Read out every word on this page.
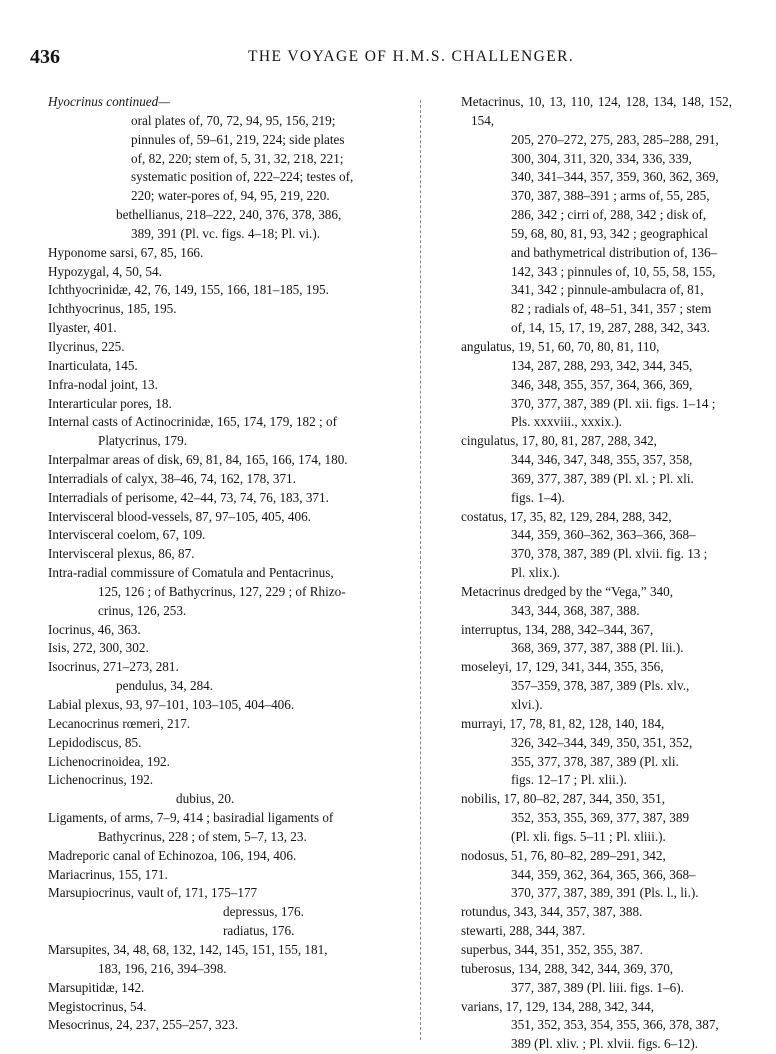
436	THE VOYAGE OF H.M.S. CHALLENGER.
Hyocrinus continued—
oral plates of, 70, 72, 94, 95, 156, 219;
pinnules of, 59–61, 219, 224; side plates
of, 82, 220; stem of, 5, 31, 32, 218, 221;
systematic position of, 222–224; testes of,
220; water-pores of, 94, 95, 219, 220.
bethellianus, 218–222, 240, 376, 378, 386,
389, 391 (Pl. vc. figs. 4–18; Pl. vi.).
Hyponome sarsi, 67, 85, 166.
Hypozygal, 4, 50, 54.
Ichthyocrinidæ, 42, 76, 149, 155, 166, 181–185, 195.
Ichthyocrinus, 185, 195.
Ilyaster, 401.
Ilycrinus, 225.
Inarticulata, 145.
Infra-nodal joint, 13.
Interarticular pores, 18.
Internal casts of Actinocrinidæ, 165, 174, 179, 182 ; of
Platycrinus, 179.
Interpalmar areas of disk, 69, 81, 84, 165, 166, 174, 180.
Interradials of calyx, 38–46, 74, 162, 178, 371.
Interradials of perisome, 42–44, 73, 74, 76, 183, 371.
Intervisceral blood-vessels, 87, 97–105, 405, 406.
Intervisceral coelom, 67, 109.
Intervisceral plexus, 86, 87.
Intra-radial commissure of Comatula and Pentacrinus,
125, 126 ; of Bathycrinus, 127, 229 ; of Rhizo-
crinus, 126, 253.
Iocrinus, 46, 363.
Isis, 272, 300, 302.
Isocrinus, 271–273, 281.
pendulus, 34, 284.
Labial plexus, 93, 97–101, 103–105, 404–406.
Lecanocrinus rœmeri, 217.
Lepidodiscus, 85.
Lichenocrinoidea, 192.
Lichenocrinus, 192.
dubius, 20.
Ligaments, of arms, 7–9, 414 ; basiradial ligaments of
Bathycrinus, 228 ; of stem, 5–7, 13, 23.
Madreporic canal of Echinozoa, 106, 194, 406.
Mariacrinus, 155, 171.
Marsupiocrinus, vault of, 171, 175–177
depressus, 176.
radiatus, 176.
Marsupites, 34, 48, 68, 132, 142, 145, 151, 155, 181,
183, 196, 216, 394–398.
Marsupitidæ, 142.
Megistocrinus, 54.
Mesocrinus, 24, 237, 255–257, 323.
Metacrinus, 10, 13, 110, 124, 128, 134, 148, 152, 154,
205, 270–272, 275, 283, 285–288, 291,
300, 304, 311, 320, 334, 336, 339,
340, 341–344, 357, 359, 360, 362, 369,
370, 387, 388–391 ; arms of, 55, 285,
286, 342 ; cirri of, 288, 342 ; disk of,
59, 68, 80, 81, 93, 342 ; geographical
and bathymetrical distribution of, 136–
142, 343 ; pinnules of, 10, 55, 58, 155,
341, 342 ; pinnule-ambulacra of, 81,
82 ; radials of, 48–51, 341, 357 ; stem
of, 14, 15, 17, 19, 287, 288, 342, 343.
angulatus, 19, 51, 60, 70, 80, 81, 110,
134, 287, 288, 293, 342, 344, 345,
346, 348, 355, 357, 364, 366, 369,
370, 377, 387, 389 (Pl. xii. figs. 1–14 ;
Pls. xxxviii., xxxix.).
cingulatus, 17, 80, 81, 287, 288, 342,
344, 346, 347, 348, 355, 357, 358,
369, 377, 387, 389 (Pl. xl. ; Pl. xli.
figs. 1–4).
costatus, 17, 35, 82, 129, 284, 288, 342,
344, 359, 360–362, 363–366, 368–
370, 378, 387, 389 (Pl. xlvii. fig. 13 ;
Pl. xlix.).
Metacrinus dredged by the “Vega,” 340,
343, 344, 368, 387, 388.
interruptus, 134, 288, 342–344, 367,
368, 369, 377, 387, 388 (Pl. lii.).
moseleyi, 17, 129, 341, 344, 355, 356,
357–359, 378, 387, 389 (Pls. xlv.,
xlvi.).
murrayi, 17, 78, 81, 82, 128, 140, 184,
326, 342–344, 349, 350, 351, 352,
355, 377, 378, 387, 389 (Pl. xli.
figs. 12–17 ; Pl. xlii.).
nobilis, 17, 80–82, 287, 344, 350, 351,
352, 353, 355, 369, 377, 387, 389
(Pl. xli. figs. 5–11 ; Pl. xliii.).
nodosus, 51, 76, 80–82, 289–291, 342,
344, 359, 362, 364, 365, 366, 368–
370, 377, 387, 389, 391 (Pls. l., li.).
rotundus, 343, 344, 357, 387, 388.
stewarti, 288, 344, 387.
superbus, 344, 351, 352, 355, 387.
tuberosus, 134, 288, 342, 344, 369, 370,
377, 387, 389 (Pl. liii. figs. 1–6).
varians, 17, 129, 134, 288, 342, 344,
351, 352, 353, 354, 355, 366, 378, 387,
389 (Pl. xliv. ; Pl. xlvii. figs. 6–12).
